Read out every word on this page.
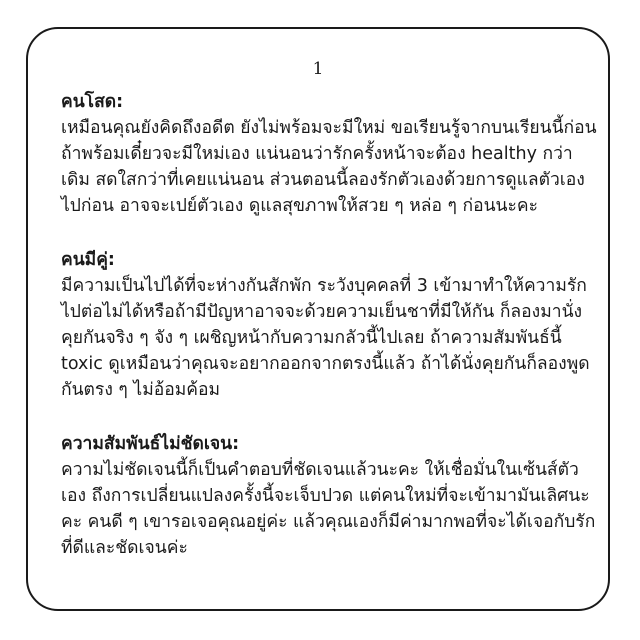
1

คนโสด:

เหมือนคุณยังคิดถึงอดีต ยังไม่พร้อมจะมีใหม่ ขอเรียนรู้จากบนเรียนนี้ก่อน ถ้าพร้อมเดี๋ยวจะมีใหม่เอง แน่นอนว่ารักครั้งหน้าจะต้อง healthy กว่าเดิม สดใสกว่าที่เคยแน่นอน ส่วนตอนนี้ลองรักตัวเองด้วยการดูแลตัวเองไปก่อน อาจจะเปย์ตัวเอง ดูแลสุขภาพให้สวย ๆ หล่อ ๆ ก่อนนะคะ

คนมีคู่:

มีความเป็นไปได้ที่จะห่างกันสักพัก ระวังบุคคลที่ 3 เข้ามาทำให้ความรักไปต่อไม่ได้หรือถ้ามีปัญหาอาจจะด้วยความเย็นชาที่มีให้กัน ก็ลองมานั่งคุยกันจริง ๆ จัง ๆ เผชิญหน้ากับความกลัวนี้ไปเลย ถ้าความสัมพันธ์นี้ toxic ดูเหมือนว่าคุณจะอยากออกจากตรงนี้แล้ว ถ้าได้นั่งคุยกันก็ลองพูดกันตรง ๆ ไม่อ้อมค้อม

ความสัมพันธ์ไม่ชัดเจน:

ความไม่ชัดเจนนี้ก็เป็นคำตอบที่ชัดเจนแล้วนะคะ ให้เชื่อมั่นในเซ้นส์ตัวเอง ถึงการเปลี่ยนแปลงครั้งนี้จะเจ็บปวด แต่คนใหม่ที่จะเข้ามามันเลิศนะคะ คนดี ๆ เขารอเจอคุณอยู่ค่ะ แล้วคุณเองก็มีค่ามากพอที่จะได้เจอกับรักที่ดีและชัดเจนค่ะ
